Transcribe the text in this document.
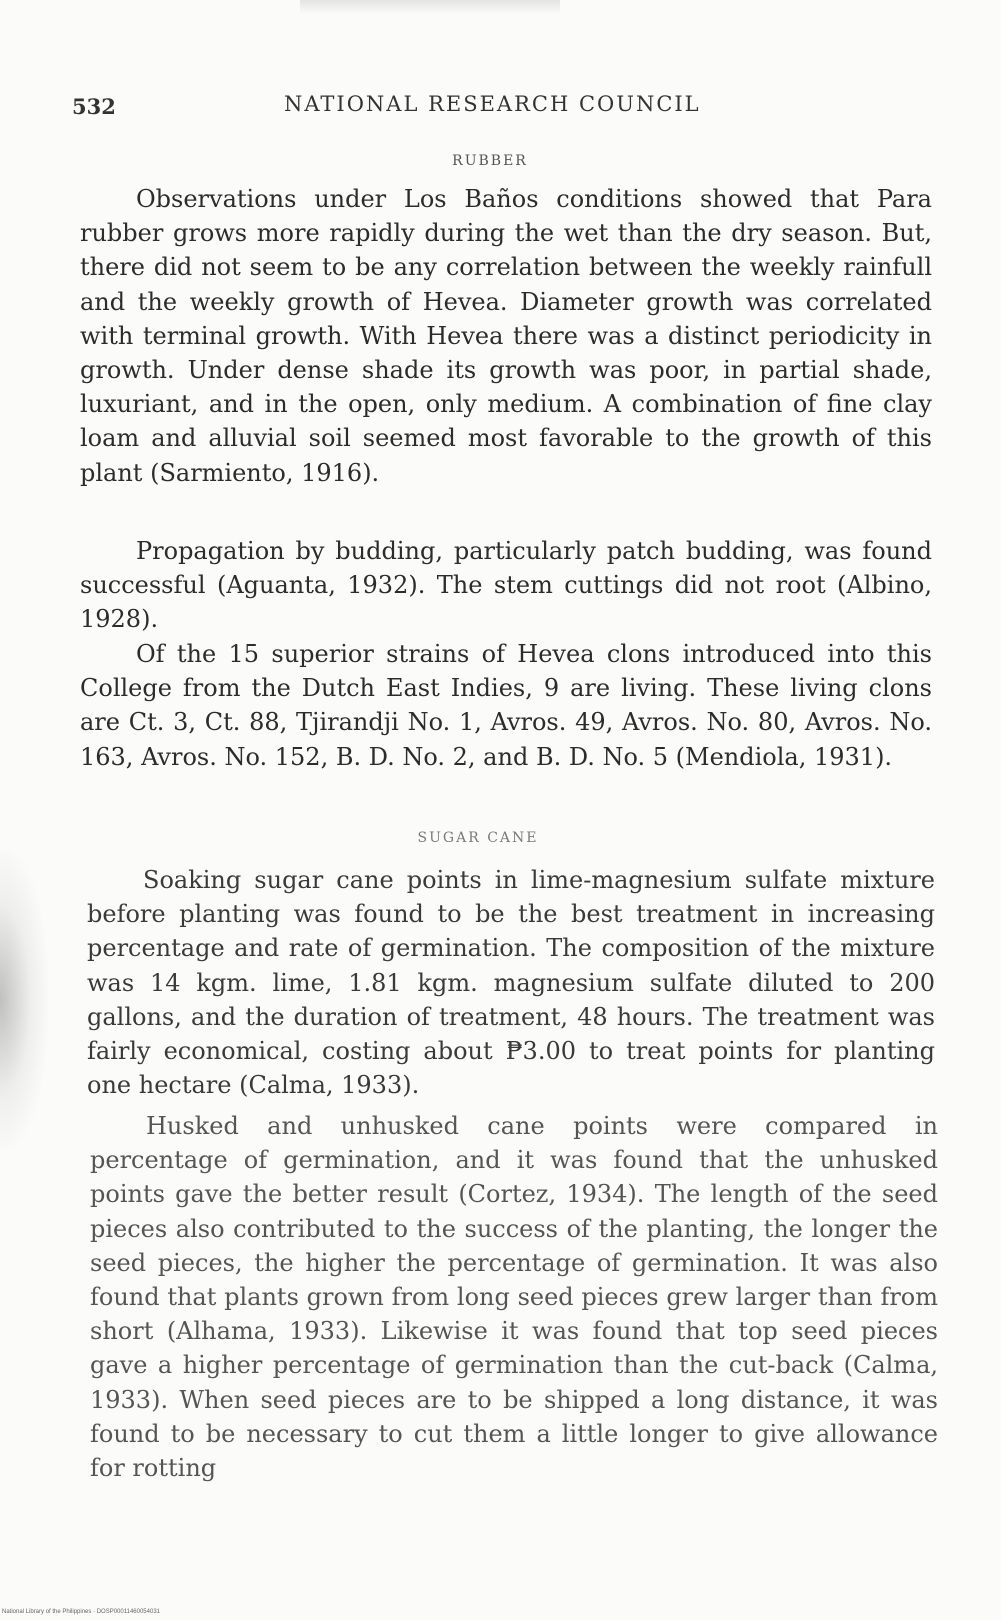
532	NATIONAL RESEARCH COUNCIL
RUBBER

Observations under Los Baños conditions showed that Para rubber grows more rapidly during the wet than the dry season. But, there did not seem to be any correlation between the weekly rainfull and the weekly growth of Hevea. Diameter growth was correlated with terminal growth. With Hevea there was a distinct periodicity in growth. Under dense shade its growth was poor, in partial shade, luxuriant, and in the open, only medium. A combination of fine clay loam and alluvial soil seemed most favorable to the growth of this plant (Sarmiento, 1916).

Propagation by budding, particularly patch budding, was found successful (Aguanta, 1932). The stem cuttings did not root (Albino, 1928).

Of the 15 superior strains of Hevea clons introduced into this College from the Dutch East Indies, 9 are living. These living clons are Ct. 3, Ct. 88, Tjirandji No. 1, Avros. 49, Avros. No. 80, Avros. No. 163, Avros. No. 152, B. D. No. 2, and B. D. No. 5 (Mendiola, 1931).

SUGAR CANE

Soaking sugar cane points in lime-magnesium sulfate mixture before planting was found to be the best treatment in increasing percentage and rate of germination. The composition of the mixture was 14 kgm. lime, 1.81 kgm. magnesium sulfate diluted to 200 gallons, and the duration of treatment, 48 hours. The treatment was fairly economical, costing about ₱3.00 to treat points for planting one hectare (Calma, 1933).

Husked and unhusked cane points were compared in percentage of germination, and it was found that the unhusked points gave the better result (Cortez, 1934). The length of the seed pieces also contributed to the success of the planting, the longer the seed pieces, the higher the percentage of germination. It was also found that plants grown from long seed pieces grew larger than from short (Alhama, 1933). Likewise it was found that top seed pieces gave a higher percentage of germination than the cut-back (Calma, 1933). When seed pieces are to be shipped a long distance, it was found to be necessary to cut them a little longer to give allowance for rotting

National Library of the Philippines · DOSP00011460054031
